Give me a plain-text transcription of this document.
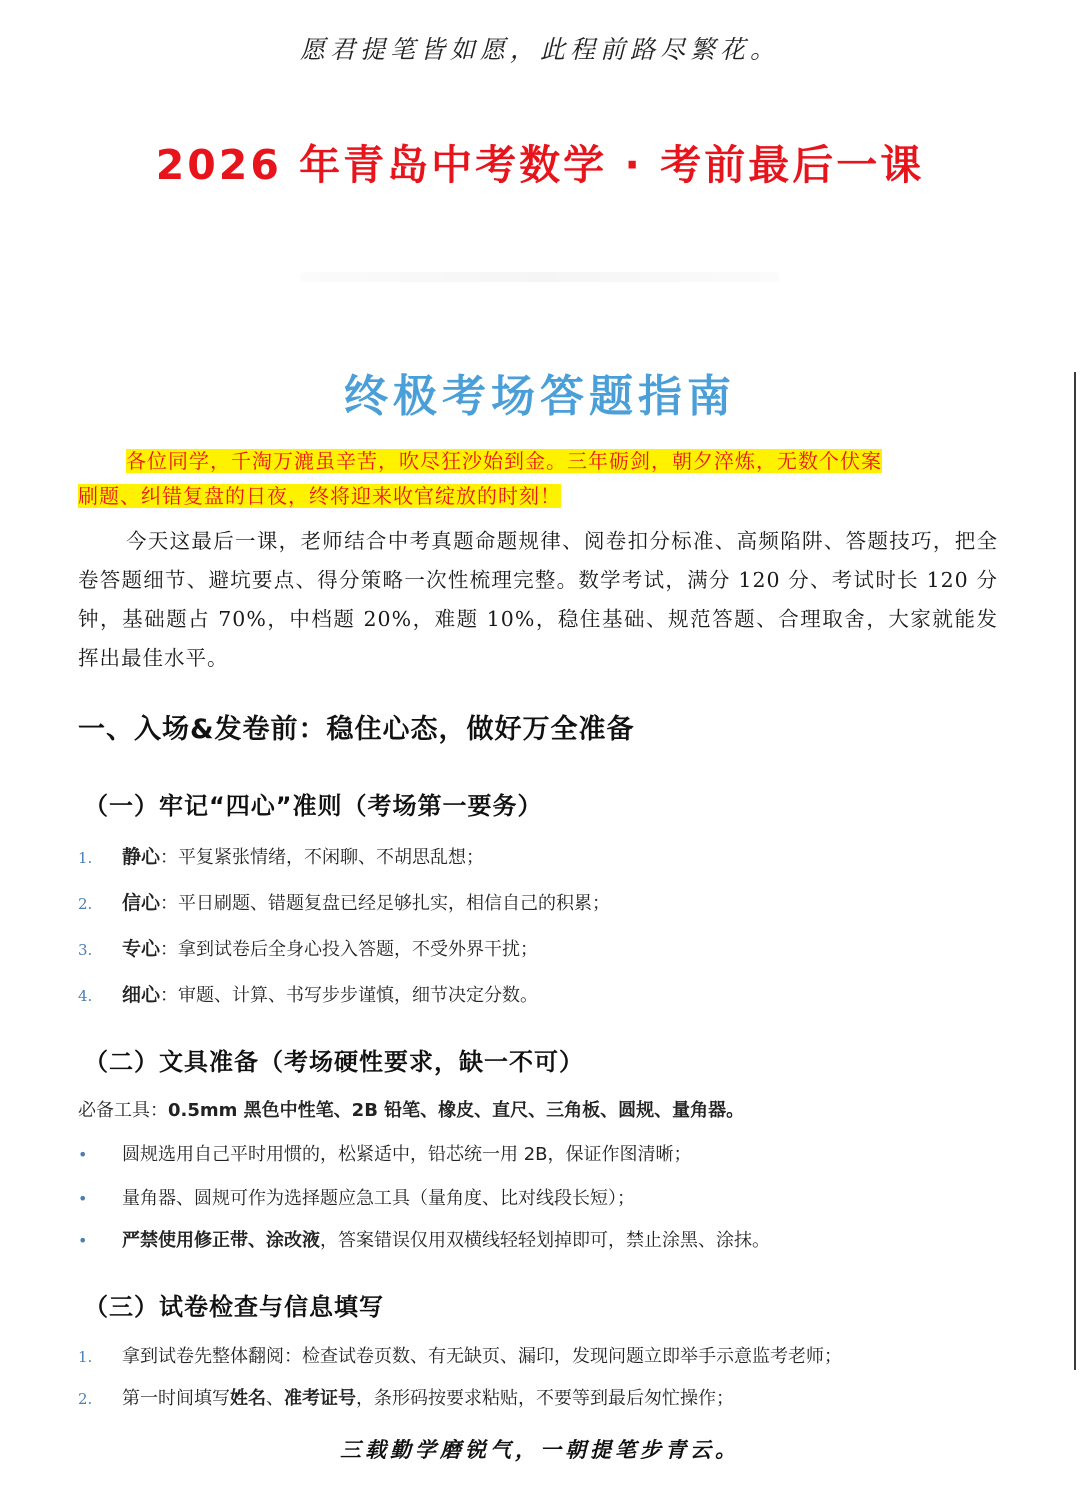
愿君提笔皆如愿，此程前路尽繁花。
2026 年青岛中考数学 · 考前最后一课
终极考场答题指南
各位同学，千淘万漉虽辛苦，吹尽狂沙始到金。三年砺剑，朝夕淬炼，无数个伏案
刷题、纠错复盘的日夜，终将迎来收官绽放的时刻！
今天这最后一课，老师结合中考真题命题规律、阅卷扣分标准、高频陷阱、答题技巧，把全卷答题细节、避坑要点、得分策略一次性梳理完整。数学考试，满分 120 分、考试时长 120 分钟，基础题占 70%，中档题 20%，难题 10%，稳住基础、规范答题、合理取舍，大家就能发挥出最佳水平。
一、入场&发卷前：稳住心态，做好万全准备
（一）牢记“四心”准则（考场第一要务）
1.	静心：平复紧张情绪，不闲聊、不胡思乱想；
2.	信心：平日刷题、错题复盘已经足够扎实，相信自己的积累；
3.	专心：拿到试卷后全身心投入答题，不受外界干扰；
4.	细心：审题、计算、书写步步谨慎，细节决定分数。
（二）文具准备（考场硬性要求，缺一不可）
必备工具：0.5mm 黑色中性笔、2B 铅笔、橡皮、直尺、三角板、圆规、量角器。
•	圆规选用自己平时用惯的，松紧适中，铅芯统一用 2B，保证作图清晰；
•	量角器、圆规可作为选择题应急工具（量角度、比对线段长短）；
•	严禁使用修正带、涂改液，答案错误仅用双横线轻轻划掉即可，禁止涂黑、涂抹。
（三）试卷检查与信息填写
1.	拿到试卷先整体翻阅：检查试卷页数、有无缺页、漏印，发现问题立即举手示意监考老师；
2.	第一时间填写姓名、准考证号，条形码按要求粘贴，不要等到最后匆忙操作；
三载勤学磨锐气，一朝提笔步青云。
